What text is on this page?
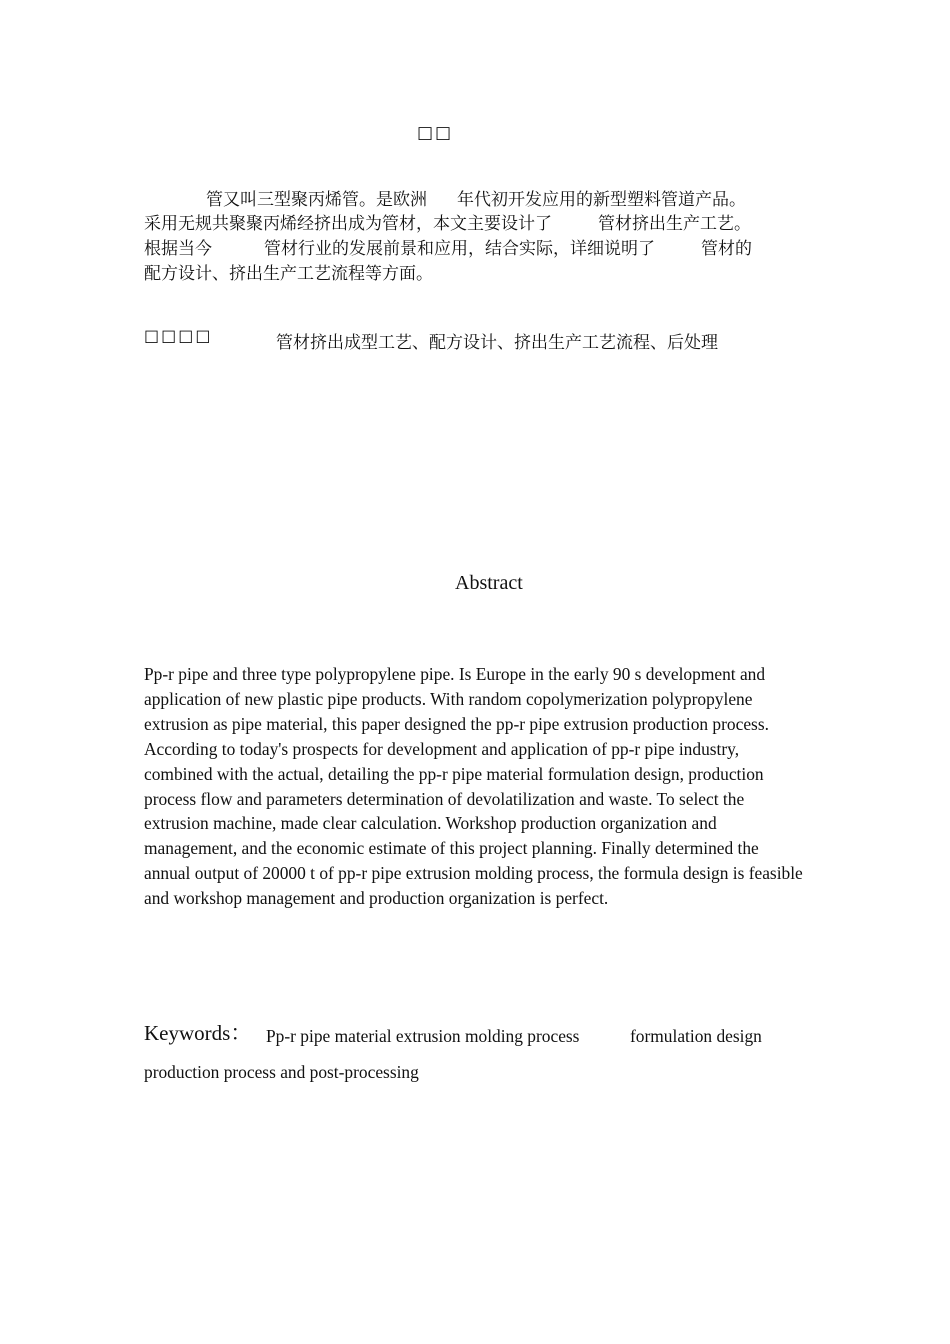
□□
管又叫三型聚丙烯管。是欧洲 年代初开发应用的新型塑料管道产品。
采用无规共聚聚丙烯经挤出成为管材，本文主要设计了	管材挤出生产工艺。
根据当今	管材行业的发展前景和应用，结合实际，详细说明了	管材的
配方设计、挤出生产工艺流程等方面。
□□□□	管材挤出成型工艺、配方设计、挤出生产工艺流程、后处理
Abstract
Pp-r pipe and three type polypropylene pipe. Is Europe in the early 90 s development and application of new plastic pipe products. With random copolymerization polypropylene extrusion as pipe material, this paper designed the pp-r pipe extrusion production process. According to today's prospects for development and application of pp-r pipe industry, combined with the actual, detailing the pp-r pipe material formulation design, production process flow and parameters determination of devolatilization and waste. To select the extrusion machine, made clear calculation. Workshop production organization and management, and the economic estimate of this project planning. Finally determined the annual output of 20000 t of pp-r pipe extrusion molding process, the formula design is feasible and workshop management and production organization is perfect.
Keywords： Pp-r pipe material extrusion molding process	formulation design
production process and post-processing
